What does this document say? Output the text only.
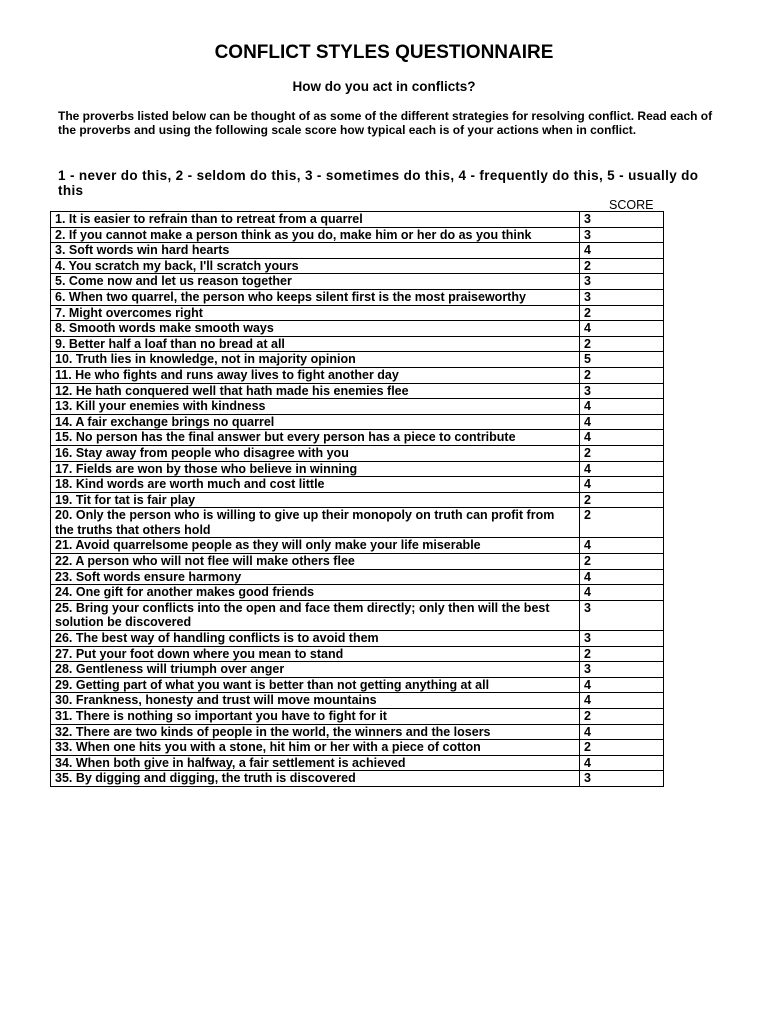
CONFLICT STYLES QUESTIONNAIRE
How do you act in conflicts?

The proverbs listed below can be thought of as some of the different strategies for resolving conflict. Read each of the proverbs and using the following scale score how typical each is of your actions when in conflict.

1 - never do this, 2 - seldom do this, 3 - sometimes do this, 4 - frequently do this, 5 - usually do this

SCORE
1. It is easier to refrain than to retreat from a quarrel	3
2. If you cannot make a person think as you do, make him or her do as you think	3
3. Soft words win hard hearts	4
4. You scratch my back, I'll scratch yours	2
5. Come now and let us reason together	3
6. When two quarrel, the person who keeps silent first is the most praiseworthy	3
7. Might overcomes right	2
8. Smooth words make smooth ways	4
9. Better half a loaf than no bread at all	2
10. Truth lies in knowledge, not in majority opinion	5
11. He who fights and runs away lives to fight another day	2
12. He hath conquered well that hath made his enemies flee	3
13. Kill your enemies with kindness	4
14. A fair exchange brings no quarrel	4
15. No person has the final answer but every person has a piece to contribute	4
16. Stay away from people who disagree with you	2
17. Fields are won by those who believe in winning	4
18. Kind words are worth much and cost little	4
19. Tit for tat is fair play	2
20. Only the person who is willing to give up their monopoly on truth can profit from the truths that others hold	2
21. Avoid quarrelsome people as they will only make your life miserable	4
22. A person who will not flee will make others flee	2
23. Soft words ensure harmony	4
24. One gift for another makes good friends	4
25. Bring your conflicts into the open and face them directly; only then will the best solution be discovered	3
26. The best way of handling conflicts is to avoid them	3
27. Put your foot down where you mean to stand	2
28. Gentleness will triumph over anger	3
29. Getting part of what you want is better than not getting anything at all	4
30. Frankness, honesty and trust will move mountains	4
31. There is nothing so important you have to fight for it	2
32. There are two kinds of people in the world, the winners and the losers	4
33. When one hits you with a stone, hit him or her with a piece of cotton	2
34. When both give in halfway, a fair settlement is achieved	4
35. By digging and digging, the truth is discovered	3
